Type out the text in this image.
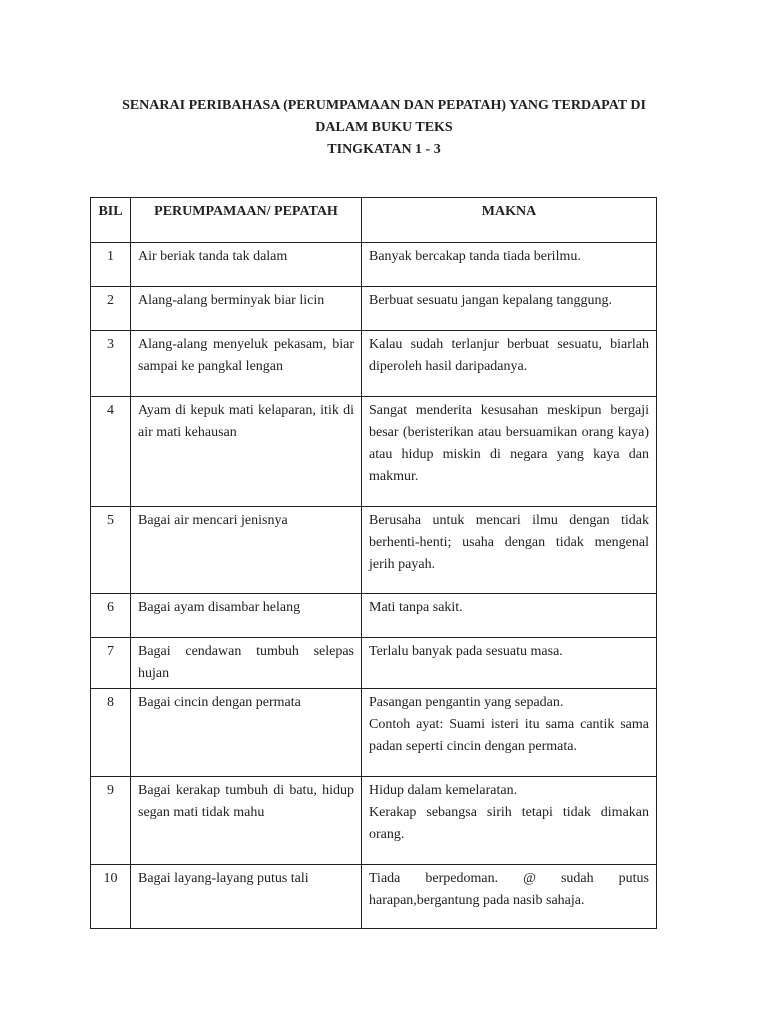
SENARAI PERIBAHASA (PERUMPAMAAN DAN PEPATAH) YANG TERDAPAT DI
DALAM BUKU TEKS
TINGKATAN 1 - 3
BIL	PERUMPAMAAN/ PEPATAH	MAKNA
1	Air beriak tanda tak dalam	Banyak bercakap tanda tiada berilmu.

2	Alang-alang berminyak biar licin	Berbuat sesuatu jangan kepalang tanggung.

3	Alang-alang menyeluk pekasam, biar sampai ke pangkal lengan	Kalau sudah terlanjur berbuat sesuatu, biarlah diperoleh hasil daripadanya.

4	Ayam di kepuk mati kelaparan, itik di air mati kehausan	Sangat menderita kesusahan meskipun bergaji besar (beristerikan atau bersuamikan orang kaya) atau hidup miskin di negara yang kaya dan makmur.

5	Bagai air mencari jenisnya	Berusaha untuk mencari ilmu dengan tidak berhenti-henti; usaha dengan tidak mengenal jerih payah.

6	Bagai ayam disambar helang	Mati tanpa sakit.

7	Bagai cendawan tumbuh selepas hujan	Terlalu banyak pada sesuatu masa.

8	Bagai cincin dengan permata	Pasangan pengantin yang sepadan.
Contoh ayat: Suami isteri itu sama cantik sama padan seperti cincin dengan permata.

9	Bagai kerakap tumbuh di batu, hidup segan mati tidak mahu	Hidup dalam kemelaratan.
Kerakap sebangsa sirih tetapi tidak dimakan orang.

10	Bagai layang-layang putus tali	Tiada berpedoman. @ sudah putus harapan,bergantung pada nasib sahaja.
